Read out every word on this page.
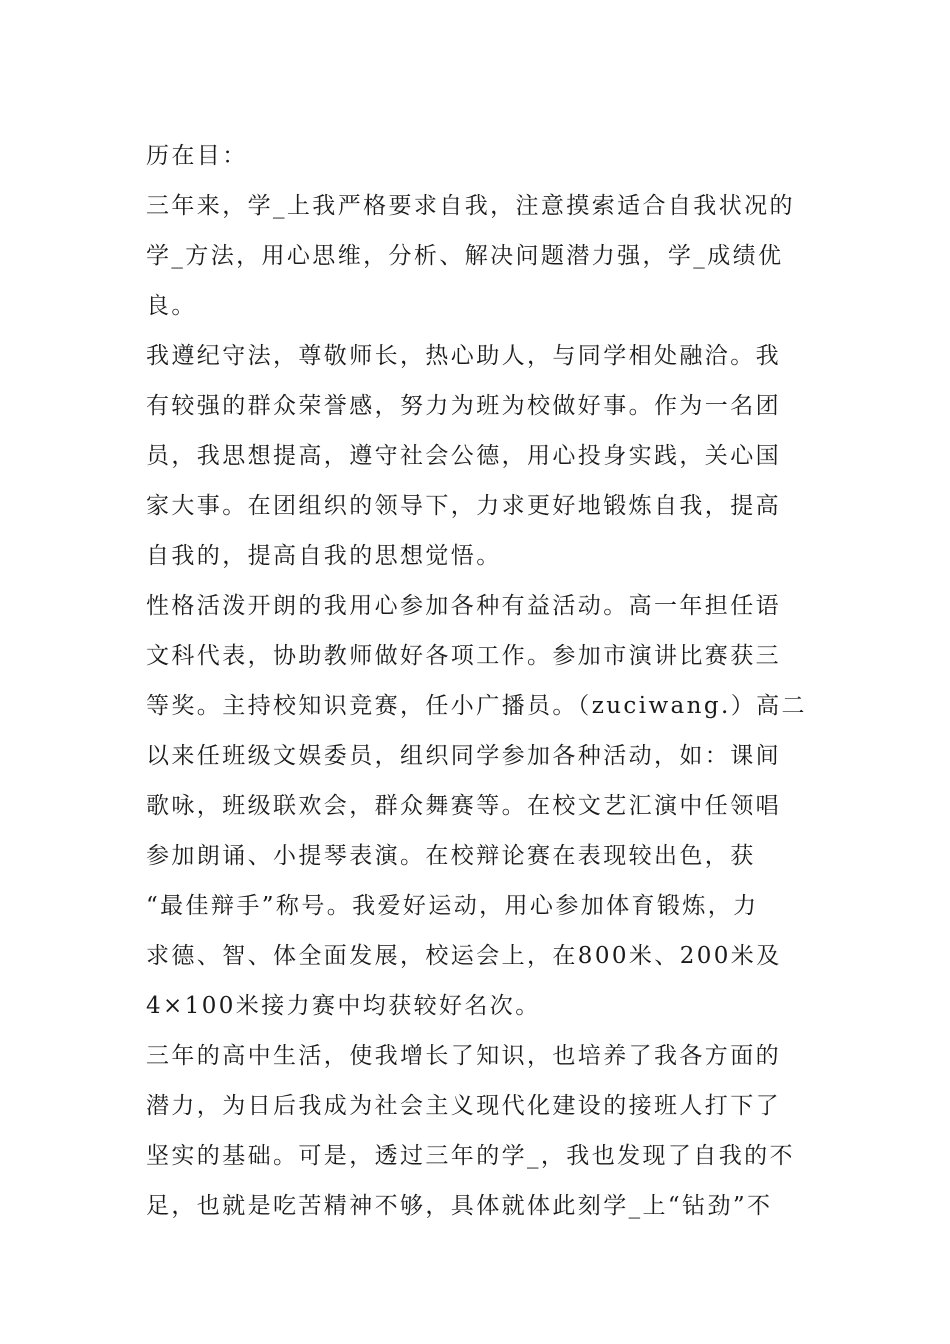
历在目：
三年来，学_上我严格要求自我，注意摸索适合自我状况的
学_方法，用心思维，分析、解决问题潜力强，学_成绩优
良。
我遵纪守法，尊敬师长，热心助人，与同学相处融洽。我
有较强的群众荣誉感，努力为班为校做好事。作为一名团
员，我思想提高，遵守社会公德，用心投身实践，关心国
家大事。在团组织的领导下，力求更好地锻炼自我，提高
自我的，提高自我的思想觉悟。
性格活泼开朗的我用心参加各种有益活动。高一年担任语
文科代表，协助教师做好各项工作。参加市演讲比赛获三
等奖。主持校知识竞赛，任小广播员。（zuciwang.）高二
以来任班级文娱委员，组织同学参加各种活动，如：课间
歌咏，班级联欢会，群众舞赛等。在校文艺汇演中任领唱
参加朗诵、小提琴表演。在校辩论赛在表现较出色，获
“最佳辩手”称号。我爱好运动，用心参加体育锻炼，力
求德、智、体全面发展，校运会上，在800米、200米及
4×100米接力赛中均获较好名次。
三年的高中生活，使我增长了知识，也培养了我各方面的
潜力，为日后我成为社会主义现代化建设的接班人打下了
坚实的基础。可是，透过三年的学_，我也发现了自我的不
足，也就是吃苦精神不够，具体就体此刻学_上“钻劲”不
